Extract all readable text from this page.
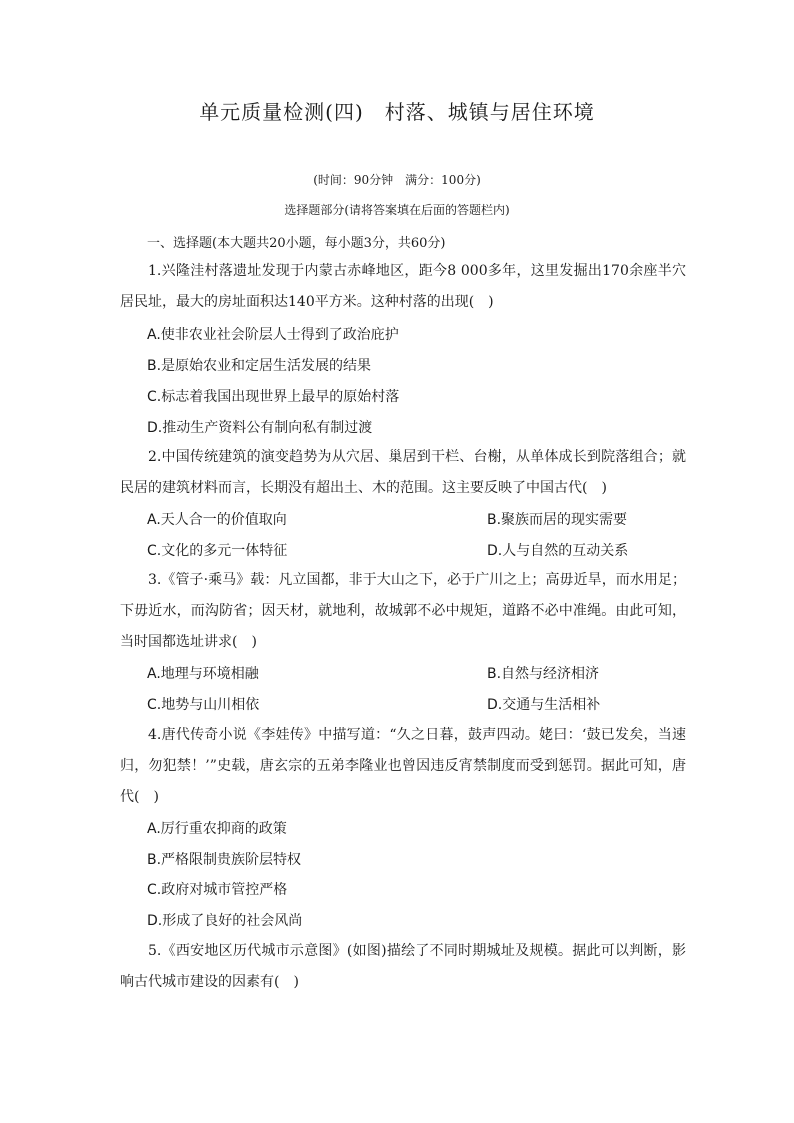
单元质量检测(四)　村落、城镇与居住环境
(时间：90分钟　满分：100分)
选择题部分(请将答案填在后面的答题栏内)
一、选择题(本大题共20小题，每小题3分，共60分)

1.兴隆洼村落遗址发现于内蒙古赤峰地区，距今8 000多年，这里发掘出170余座半穴居民址，最大的房址面积达140平方米。这种村落的出现(　)

A.使非农业社会阶层人士得到了政治庇护
B.是原始农业和定居生活发展的结果
C.标志着我国出现世界上最早的原始村落
D.推动生产资料公有制向私有制过渡

2.中国传统建筑的演变趋势为从穴居、巢居到干栏、台榭，从单体成长到院落组合；就民居的建筑材料而言，长期没有超出土、木的范围。这主要反映了中国古代(　)

A.天人合一的价值取向	B.聚族而居的现实需要
C.文化的多元一体特征	D.人与自然的互动关系

3.《管子·乘马》载：凡立国都，非于大山之下，必于广川之上；高毋近旱，而水用足；下毋近水，而沟防省；因天材，就地利，故城郭不必中规矩，道路不必中准绳。由此可知，当时国都选址讲求(　)

A.地理与环境相融	B.自然与经济相济
C.地势与山川相依	D.交通与生活相补

4.唐代传奇小说《李娃传》中描写道：“久之日暮，鼓声四动。姥曰：‘鼓已发矣，当速归，勿犯禁！’”史载，唐玄宗的五弟李隆业也曾因违反宵禁制度而受到惩罚。据此可知，唐代(　)

A.厉行重农抑商的政策
B.严格限制贵族阶层特权
C.政府对城市管控严格
D.形成了良好的社会风尚

5.《西安地区历代城市示意图》(如图)描绘了不同时期城址及规模。据此可以判断，影响古代城市建设的因素有(　)
